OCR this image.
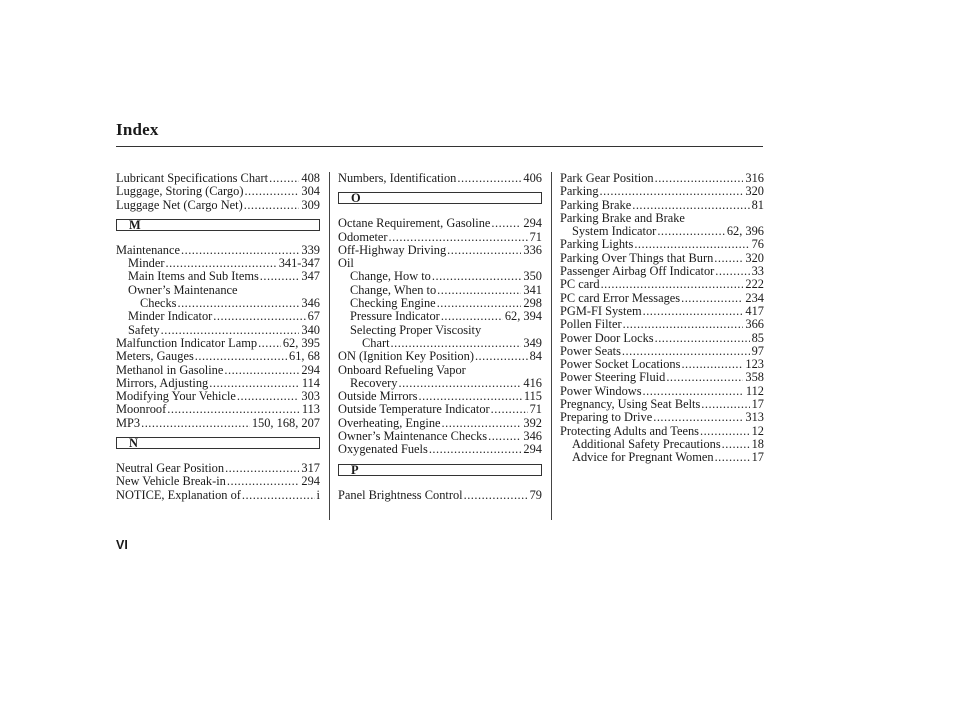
Index
Lubricant Specifications Chart .....	408
Luggage, Storing (Cargo) .....	304
Luggage Net (Cargo Net) .....	309
M
Maintenance .....	339
Minder .....	341-347
Main Items and Sub Items .....	347
Owner’s Maintenance
Checks .....	346
Minder Indicator .....	67
Safety .....	340
Malfunction Indicator Lamp ..... 62, 395
Meters, Gauges .....	61, 68
Methanol in Gasoline .....	294
Mirrors, Adjusting .....	114
Modifying Your Vehicle .....	303
Moonroof .....	113
MP3 .....	150, 168, 207
N
Neutral Gear Position .....	317
New Vehicle Break-in .....	294
NOTICE, Explanation of .....	i
Numbers, Identification .....	406
O
Octane Requirement, Gasoline .....	294
Odometer .....	71
Off-Highway Driving .....	336
Oil
Change, How to .....	350
Change, When to .....	341
Checking Engine .....	298
Pressure Indicator .....	62, 394
Selecting Proper Viscosity
Chart .....	349
ON (Ignition Key Position) .....	84
Onboard Refueling Vapor
Recovery .....	416
Outside Mirrors .....	115
Outside Temperature Indicator .....	71
Overheating, Engine .....	392
Owner’s Maintenance Checks .....	346
Oxygenated Fuels .....	294
P
Panel Brightness Control .....	79
Park Gear Position .....	316
Parking .....	320
Parking Brake .....	81
Parking Brake and Brake
System Indicator .....	62, 396
Parking Lights .....	76
Parking Over Things that Burn .....	320
Passenger Airbag Off Indicator .....	33
PC card .....	222
PC card Error Messages .....	234
PGM-FI System .....	417
Pollen Filter .....	366
Power Door Locks .....	85
Power Seats .....	97
Power Socket Locations .....	123
Power Steering Fluid .....	358
Power Windows .....	112
Pregnancy, Using Seat Belts .....	17
Preparing to Drive .....	313
Protecting Adults and Teens .....	12
Additional Safety Precautions ..... 18
Advice for Pregnant Women .....	17
VI
